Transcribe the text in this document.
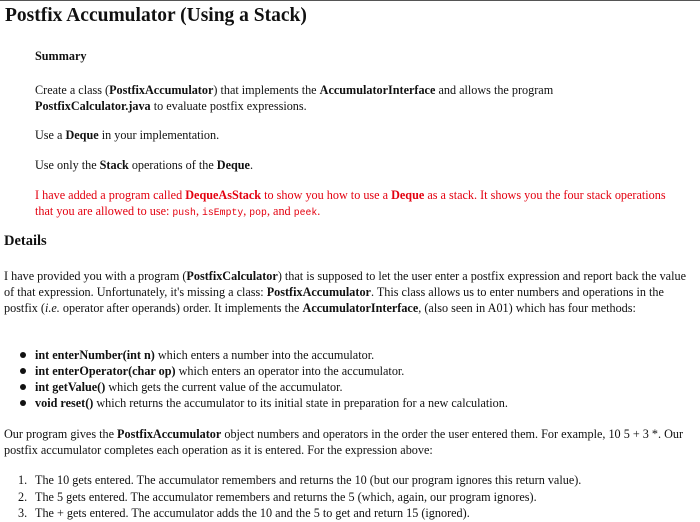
Postfix Accumulator (Using a Stack)

Summary

Create a class (PostfixAccumulator) that implements the AccumulatorInterface and allows the program
PostfixCalculator.java to evaluate postfix expressions.

Use a Deque in your implementation.

Use only the Stack operations of the Deque.

I have added a program called DequeAsStack to show you how to use a Deque as a stack. It shows you the four stack operations that you are allowed to use: push, isEmpty, pop, and peek.

Details

I have provided you with a program (PostfixCalculator) that is supposed to let the user enter a postfix expression and report back the value of that expression. Unfortunately, it's missing a class: PostfixAccumulator. This class allows us to enter numbers and operations in the postfix (i.e. operator after operands) order. It implements the AccumulatorInterface, (also seen in A01) which has four methods:

int enterNumber(int n) which enters a number into the accumulator.
int enterOperator(char op) which enters an operator into the accumulator.
int getValue() which gets the current value of the accumulator.
void reset() which returns the accumulator to its initial state in preparation for a new calculation.

Our program gives the PostfixAccumulator object numbers and operators in the order the user entered them. For example, 10 5 + 3 *. Our postfix accumulator completes each operation as it is entered. For the expression above:

1. The 10 gets entered. The accumulator remembers and returns the 10 (but our program ignores this return value).
2. The 5 gets entered. The accumulator remembers and returns the 5 (which, again, our program ignores).
3. The + gets entered. The accumulator adds the 10 and the 5 to get and return 15 (ignored).
